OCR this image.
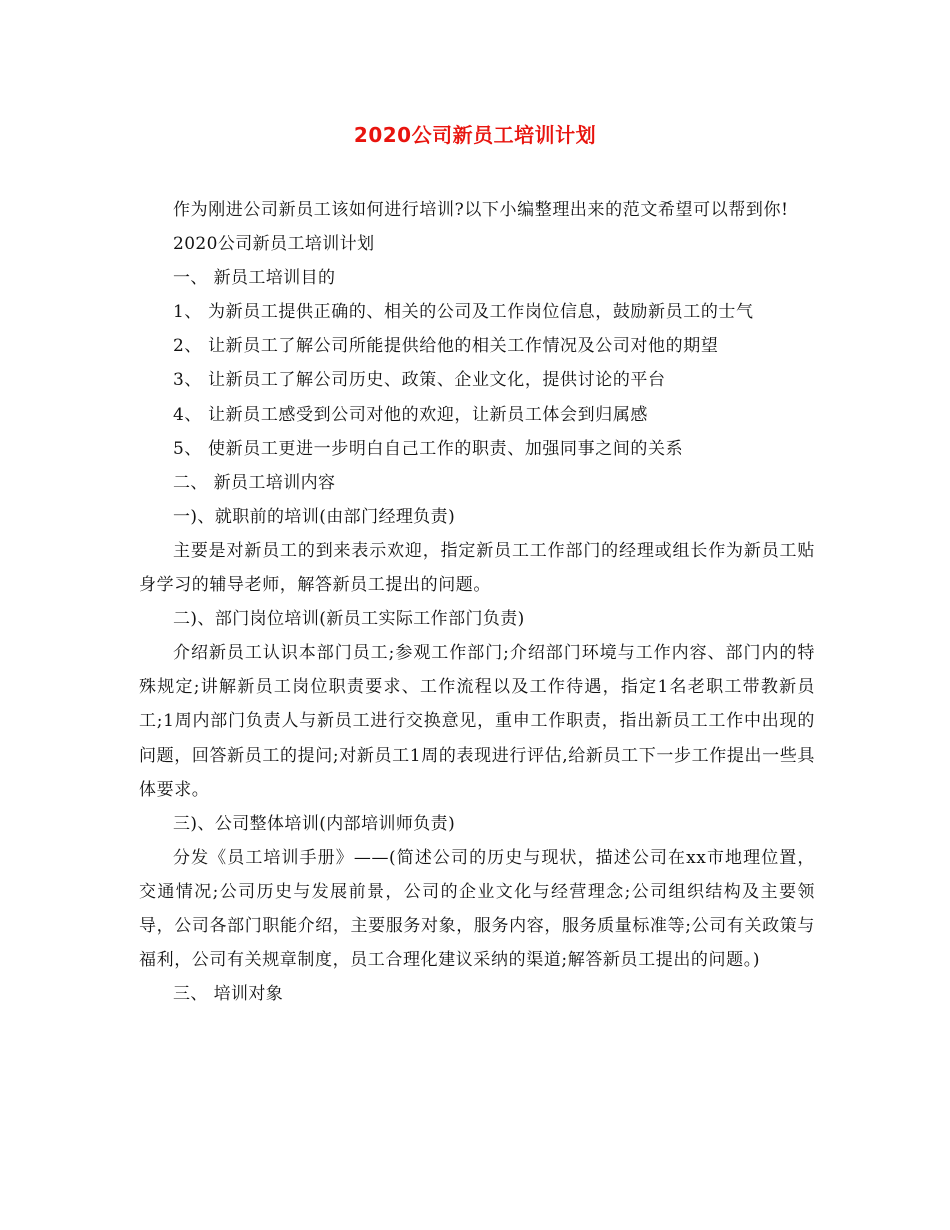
2020公司新员工培训计划

作为刚进公司新员工该如何进行培训?以下小编整理出来的范文希望可以帮到你!

2020公司新员工培训计划

一、 新员工培训目的

1、 为新员工提供正确的、相关的公司及工作岗位信息，鼓励新员工的士气

2、 让新员工了解公司所能提供给他的相关工作情况及公司对他的期望

3、 让新员工了解公司历史、政策、企业文化，提供讨论的平台

4、 让新员工感受到公司对他的欢迎，让新员工体会到归属感

5、 使新员工更进一步明白自己工作的职责、加强同事之间的关系

二、 新员工培训内容

一)、就职前的培训(由部门经理负责)

主要是对新员工的到来表示欢迎，指定新员工工作部门的经理或组长作为新员工贴身学习的辅导老师，解答新员工提出的问题。

二)、部门岗位培训(新员工实际工作部门负责)

介绍新员工认识本部门员工;参观工作部门;介绍部门环境与工作内容、部门内的特殊规定;讲解新员工岗位职责要求、工作流程以及工作待遇，指定1名老职工带教新员工;1周内部门负责人与新员工进行交换意见，重申工作职责，指出新员工工作中出现的问题，回答新员工的提问;对新员工1周的表现进行评估,给新员工下一步工作提出一些具体要求。

三)、公司整体培训(内部培训师负责)

分发《员工培训手册》——(简述公司的历史与现状，描述公司在xx市地理位置，交通情况;公司历史与发展前景，公司的企业文化与经营理念;公司组织结构及主要领导，公司各部门职能介绍，主要服务对象，服务内容，服务质量标准等;公司有关政策与福利，公司有关规章制度，员工合理化建议采纳的渠道;解答新员工提出的问题。)

三、 培训对象
